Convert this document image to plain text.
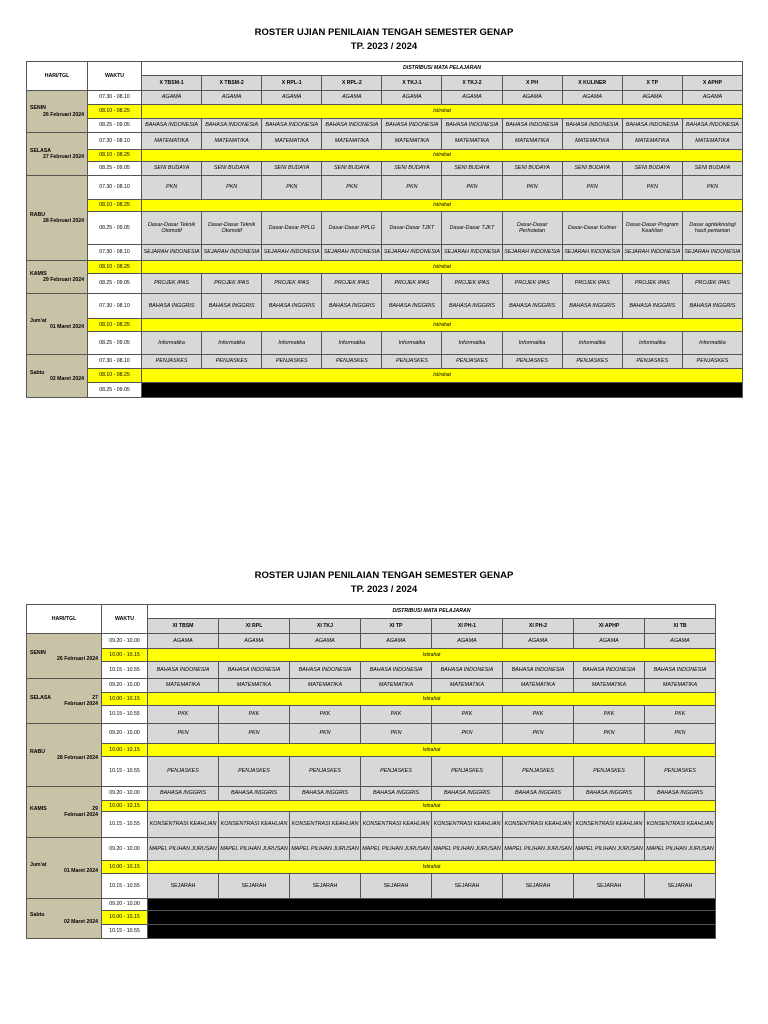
ROSTER UJIAN PENILAIAN TENGAH SEMESTER GENAP
TP. 2023 / 2024
HARI/TGL	WAKTU	DISTRIBUSI MATA PELAJARAN									
		X TBSM-1	X TBSM-2	X RPL-1	X RPL-2	X TKJ-1	X TKJ-2	X PH	X KULINER	X TP	X APHP
SENIN
26 Februari 2024	07.30 - 08.10	AGAMA	AGAMA	AGAMA	AGAMA	AGAMA	AGAMA	AGAMA	AGAMA	AGAMA	AGAMA
	08.10 - 08.25	Istirahat									
	08.25 - 09.05	BAHASA INDONESIA	BAHASA INDONESIA	BAHASA INDONESIA	BAHASA INDONESIA	BAHASA INDONESIA	BAHASA INDONESIA	BAHASA INDONESIA	BAHASA INDONESIA	BAHASA INDONESIA	BAHASA INDONESIA
SELASA
27 Februari 2024	07.30 - 08.10	MATEMATIKA	MATEMATIKA	MATEMATIKA	MATEMATIKA	MATEMATIKA	MATEMATIKA	MATEMATIKA	MATEMATIKA	MATEMATIKA	MATEMATIKA
	08.10 - 08.25	Istirahat									
	08.25 - 09.05	SENI BUDAYA	SENI BUDAYA	SENI BUDAYA	SENI BUDAYA	SENI BUDAYA	SENI BUDAYA	SENI BUDAYA	SENI BUDAYA	SENI BUDAYA	SENI BUDAYA
RABU
28 Februari 2024	07.30 - 08.10	PKN	PKN	PKN	PKN	PKN	PKN	PKN	PKN	PKN	PKN
	08.10 - 08.25	Istirahat									
	08.25 - 09.05	Dasar-Dasar Teknik Otomotif	Dasar-Dasar Teknik Otomotif	Dasar-Dasar PPLG	Dasar-Dasar PPLG	Dasar-Dasar TJKT	Dasar-Dasar TJKT	Dasar-Dasar Perhotelan	Dasar-Dasar Kuliner	Dasar-Dasar Program Keahlian	Dasar agriteknologi hasil pertanian
	07.30 - 08.10	SEJARAH INDONESIA	SEJARAH INDONESIA	SEJARAH INDONESIA	SEJARAH INDONESIA	SEJARAH INDONESIA	SEJARAH INDONESIA	SEJARAH INDONESIA	SEJARAH INDONESIA	SEJARAH INDONESIA	SEJARAH INDONESIA
KAMIS
29 Februari 2024	08.10 - 08.25	Istirahat									
	08.25 - 09.05	PROJEK IPAS	PROJEK IPAS	PROJEK IPAS	PROJEK IPAS	PROJEK IPAS	PROJEK IPAS	PROJEK IPAS	PROJEK IPAS	PROJEK IPAS	PROJEK IPAS
Jum'at
01 Maret 2024	07.30 - 08.10	BAHASA INGGRIS	BAHASA INGGRIS	BAHASA INGGRIS	BAHASA INGGRIS	BAHASA INGGRIS	BAHASA INGGRIS	BAHASA INGGRIS	BAHASA INGGRIS	BAHASA INGGRIS	BAHASA INGGRIS
	08.10 - 08.25	Istirahat									
	08.25 - 09.05	Informatika	Informatika	Informatika	Informatika	Informatika	Informatika	Informatika	Informatika	Informatika	Informatika
Sabtu
02 Maret 2024	07.30 - 08.10	PENJASKES	PENJASKES	PENJASKES	PENJASKES	PENJASKES	PENJASKES	PENJASKES	PENJASKES	PENJASKES	PENJASKES
	08.10 - 08.25	Istirahat									
	08.25 - 09.05										
ROSTER UJIAN PENILAIAN TENGAH SEMESTER GENAP
TP. 2023 / 2024
HARI/TGL	WAKTU	DISTRIBUSI MATA PELAJARAN							
		XI TBSM	XI RPL	XI TKJ	XI TP	XI PH-1	XI PH-2	XI APHP	XI TB
SENIN
26 Februari 2024	09.20 - 10.00	AGAMA	AGAMA	AGAMA	AGAMA	AGAMA	AGAMA	AGAMA	AGAMA
	10.00 - 10.15	Istirahat							
	10.15 - 10.55	BAHASA INDONESIA	BAHASA INDONESIA	BAHASA INDONESIA	BAHASA INDONESIA	BAHASA INDONESIA	BAHASA INDONESIA	BAHASA INDONESIA	BAHASA INDONESIA
SELASA 27
Februari 2024	09.20 - 10.00	MATEMATIKA	MATEMATIKA	MATEMATIKA	MATEMATIKA	MATEMATIKA	MATEMATIKA	MATEMATIKA	MATEMATIKA
	10.00 - 10.15	Istirahat							
	10.15 - 10.55	PKK	PKK	PKK	PKK	PKK	PKK	PKK	PKK
RABU
28 Februari 2024	09.20 - 10.00	PKN	PKN	PKN	PKN	PKN	PKN	PKN	PKN
	10.00 - 10.15	Istirahat							
	10.15 - 10.55	PENJASKES	PENJASKES	PENJASKES	PENJASKES	PENJASKES	PENJASKES	PENJASKES	PENJASKES
KAMIS 29
Februari 2024	09.20 - 10.00	BAHASA INGGRIS	BAHASA INGGRIS	BAHASA INGGRIS	BAHASA INGGRIS	BAHASA INGGRIS	BAHASA INGGRIS	BAHASA INGGRIS	BAHASA INGGRIS
	10.00 - 10.15	Istirahat							
	10.15 - 10.55	KONSENTRASI KEAHLIAN	KONSENTRASI KEAHLIAN	KONSENTRASI KEAHLIAN	KONSENTRASI KEAHLIAN	KONSENTRASI KEAHLIAN	KONSENTRASI KEAHLIAN	KONSENTRASI KEAHLIAN	KONSENTRASI KEAHLIAN
Jum'at
01 Maret 2024	09.20 - 10.00	MAPEL PILIHAN JURUSAN	MAPEL PILIHAN JURUSAN	MAPEL PILIHAN JURUSAN	MAPEL PILIHAN JURUSAN	MAPEL PILIHAN JURUSAN	MAPEL PILIHAN JURUSAN	MAPEL PILIHAN JURUSAN	MAPEL PILIHAN JURUSAN
	10.00 - 10.15	Istirahat							
	10.15 - 10.55	SEJARAH	SEJARAH	SEJARAH	SEJARAH	SEJARAH	SEJARAH	SEJARAH	SEJARAH
Sabtu
02 Maret 2024	09.20 - 10.00								
	10.00 - 10.15								
	10.15 - 10.55								
